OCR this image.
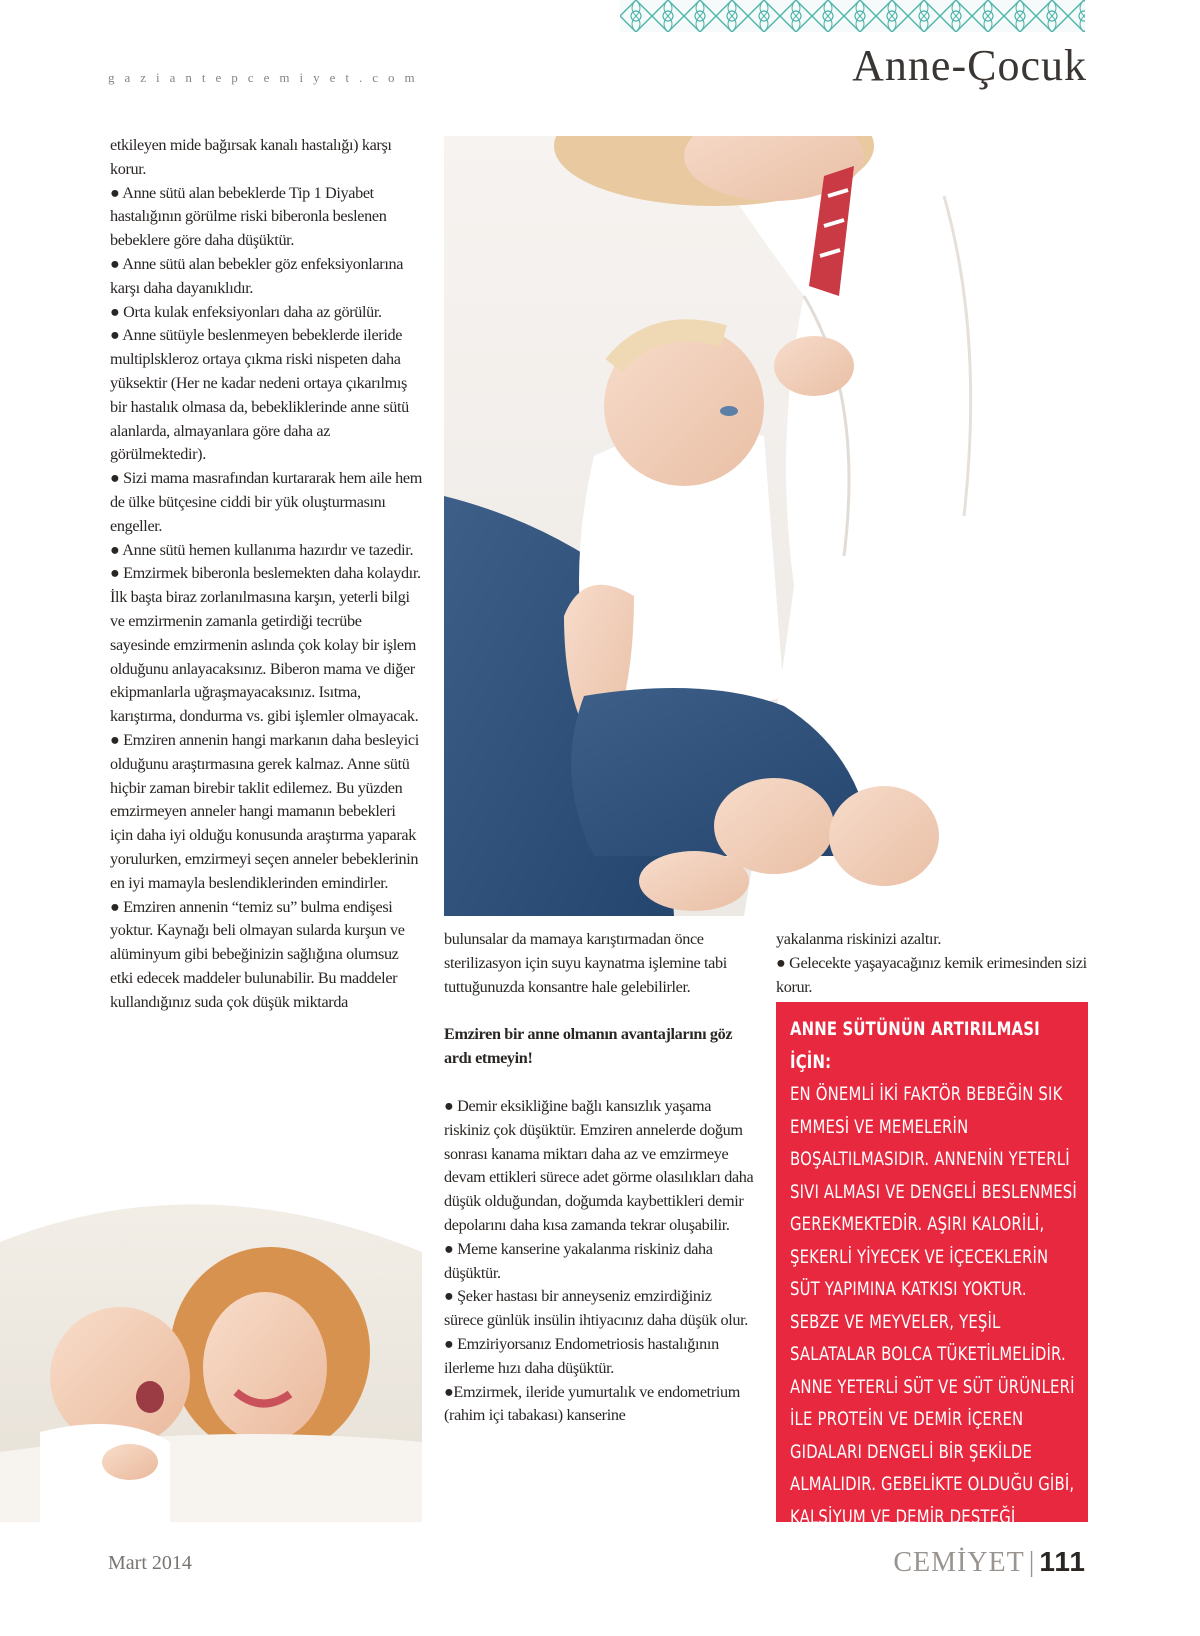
gaziantepcemiyet.com	Anne-Çocuk

etkileyen mide bağırsak kanalı hastalığı) karşı korur.

● Anne sütü alan bebeklerde Tip 1 Diyabet hastalığının görülme riski biberonla beslenen bebeklere göre daha düşüktür.

● Anne sütü alan bebekler göz enfeksiyonlarına karşı daha dayanıklıdır.

● Orta kulak enfeksiyonları daha az görülür.

● Anne sütüyle beslenmeyen bebeklerde ileride multiplskleroz ortaya çıkma riski nispeten daha yüksektir (Her ne kadar nedeni ortaya çıkarılmış bir hastalık olmasa da, bebekliklerinde anne sütü alanlarda, almayanlara göre daha az görülmektedir).

● Sizi mama masrafından kurtararak hem aile hem de ülke bütçesine ciddi bir yük oluşturmasını engeller.

● Anne sütü hemen kullanıma hazırdır ve tazedir.

● Emzirmek biberonla beslemekten daha kolaydır. İlk başta biraz zorlanılmasına karşın, yeterli bilgi ve emzirmenin zamanla getirdiği tecrübe sayesinde emzirmenin aslında çok kolay bir işlem olduğunu anlayacaksınız. Biberon mama ve diğer ekipmanlarla uğraşmayacaksınız. Isıtma, karıştırma, dondurma vs. gibi işlemler olmayacak.

● Emziren annenin hangi markanın daha besleyici olduğunu araştırmasına gerek kalmaz. Anne sütü hiçbir zaman birebir taklit edilemez. Bu yüzden emzirmeyen anneler hangi mamanın bebekleri için daha iyi olduğu konusunda araştırma yaparak yorulurken, emzirmeyi seçen anneler bebeklerinin en iyi mamayla beslendiklerinden emindirler.

● Emziren annenin “temiz su” bulma endişesi yoktur. Kaynağı beli olmayan sularda kurşun ve alüminyum gibi bebeğinizin sağlığına olumsuz etki edecek maddeler bulunabilir. Bu maddeler kullandığınız suda çok düşük miktarda

bulunsalar da mamaya karıştırmadan önce sterilizasyon için suyu kaynatma işlemine tabi tuttuğunuzda konsantre hale gelebilirler.

Emziren bir anne olmanın avantajlarını göz ardı etmeyin!

● Demir eksikliğine bağlı kansızlık yaşama riskiniz çok düşüktür. Emziren annelerde doğum sonrası kanama miktarı daha az ve emzirmeye devam ettikleri sürece adet görme olasılıkları daha düşük olduğundan, doğumda kaybettikleri demir depolarını daha kısa zamanda tekrar oluşabilir.

● Meme kanserine yakalanma riskiniz daha düşüktür.

● Şeker hastası bir anneyseniz emzirdiğiniz sürece günlük insülin ihtiyacınız daha düşük olur.

● Emziriyorsanız Endometriosis hastalığının ilerleme hızı daha düşüktür.

●Emzirmek, ileride yumurtalık ve endometrium (rahim içi tabakası) kanserine

yakalanma riskinizi azaltır.

● Gelecekte yaşayacağınız kemik erimesinden sizi korur.

ANNE SÜTÜNÜN ARTIRILMASI İÇİN:
EN ÖNEMLİ İKİ FAKTÖR BEBEĞİN SIK EMMESİ VE MEMELERİN BOŞALTILMASIDIR. ANNENİN YETERLİ SIVI ALMASI VE DENGELİ BESLENMESİ GEREKMEKTEDİR. AŞIRI KALORİLİ, ŞEKERLİ YİYECEK VE İÇECEKLERİN SÜT YAPIMINA KATKISI YOKTUR. SEBZE VE MEYVELER, YEŞİL SALATALAR BOLCA TÜKETİLMELİDİR. ANNE YETERLİ SÜT VE SÜT ÜRÜNLERİ İLE PROTEİN VE DEMİR İÇEREN GIDALARI DENGELİ BİR ŞEKİLDE ALMALIDIR. GEBELİKTE OLDUĞU GİBİ, KALSİYUM VE DEMİR DESTEĞİ SÜRDÜRÜLMELİDİR.
Mart 2014	CEMİYET | 111
